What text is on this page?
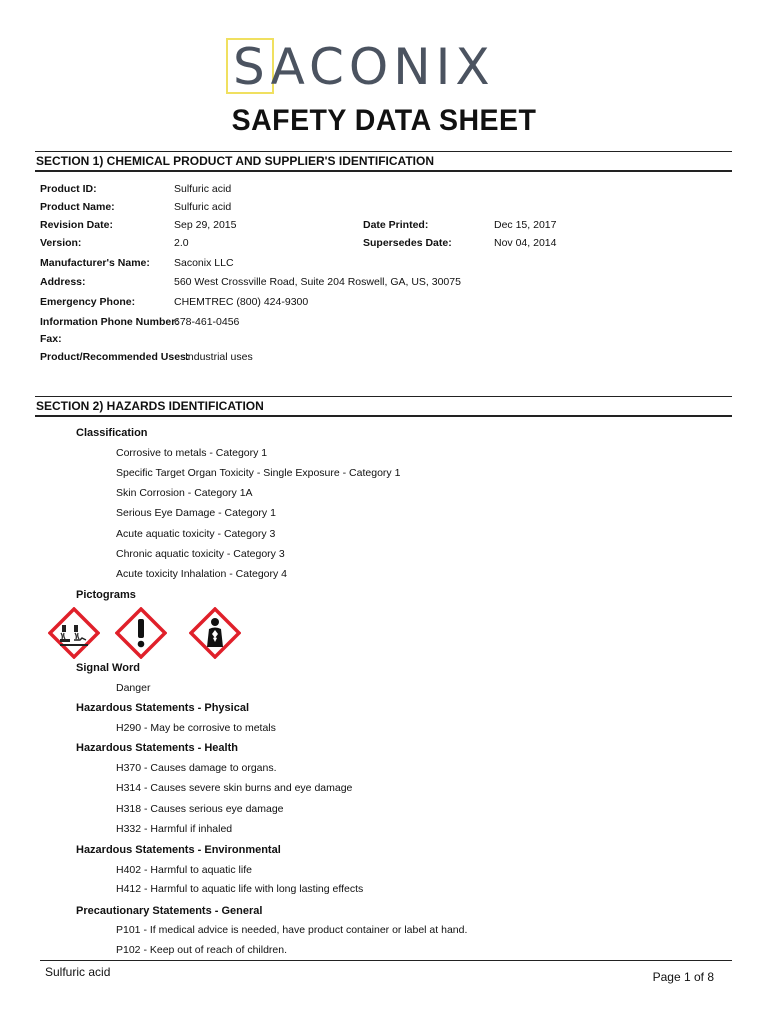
SACONIX
SAFETY DATA SHEET
SECTION 1) CHEMICAL PRODUCT AND SUPPLIER'S IDENTIFICATION
Product ID:	Sulfuric acid
Product Name:	Sulfuric acid
Revision Date:	Sep 29, 2015	Date Printed:	Dec 15, 2017
Version:	2.0	Supersedes Date:	Nov 04, 2014
Manufacturer's Name: Saconix LLC
Address:	560 West Crossville Road, Suite 204 Roswell, GA, US, 30075
Emergency Phone:	CHEMTREC (800) 424-9300
Information Phone Number:
678-461-0456
Fax:
Product/Recommended Uses:
Industrial uses
SECTION 2) HAZARDS IDENTIFICATION
Classification
Corrosive to metals - Category 1
Specific Target Organ Toxicity - Single Exposure - Category 1
Skin Corrosion - Category 1A
Serious Eye Damage - Category 1
Acute aquatic toxicity - Category 3
Chronic aquatic toxicity - Category 3
Acute toxicity Inhalation - Category 4
Pictograms
Signal Word
Danger
Hazardous Statements - Physical
H290 - May be corrosive to metals
Hazardous Statements - Health
H370 - Causes damage to organs.
H314 - Causes severe skin burns and eye damage
H318 - Causes serious eye damage
H332 - Harmful if inhaled
Hazardous Statements - Environmental
H402 - Harmful to aquatic life
H412 - Harmful to aquatic life with long lasting effects
Precautionary Statements - General
P101 - If medical advice is needed, have product container or label at hand.
P102 - Keep out of reach of children.
Sulfuric acid	Page 1 of 8
